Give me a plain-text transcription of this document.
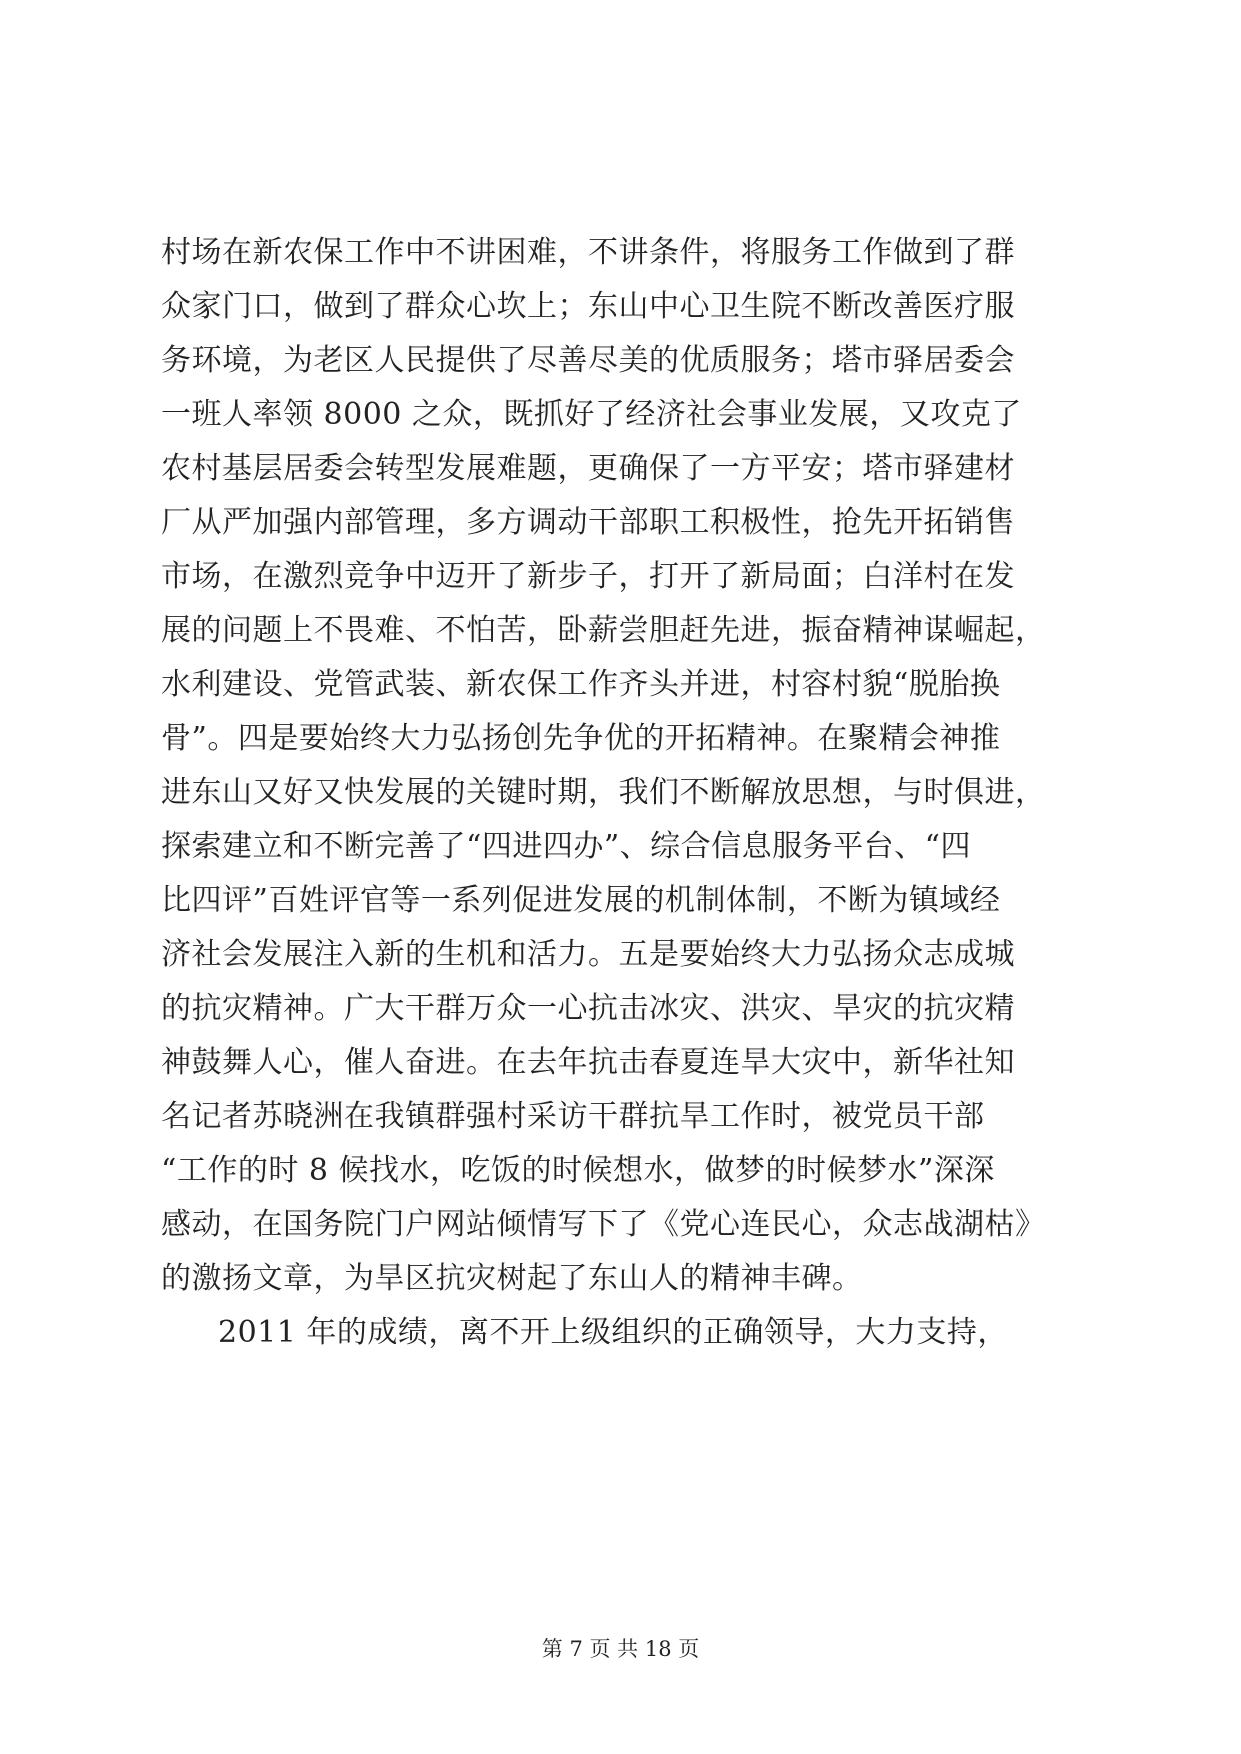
村场在新农保工作中不讲困难，不讲条件，将服务工作做到了群
众家门口，做到了群众心坎上；东山中心卫生院不断改善医疗服
务环境，为老区人民提供了尽善尽美的优质服务；塔市驿居委会
一班人率领 8000 之众，既抓好了经济社会事业发展，又攻克了
农村基层居委会转型发展难题，更确保了一方平安；塔市驿建材
厂从严加强内部管理，多方调动干部职工积极性，抢先开拓销售
市场，在激烈竞争中迈开了新步子，打开了新局面；白洋村在发
展的问题上不畏难、不怕苦，卧薪尝胆赶先进，振奋精神谋崛起，
水利建设、党管武装、新农保工作齐头并进，村容村貌“脱胎换
骨”。四是要始终大力弘扬创先争优的开拓精神。在聚精会神推
进东山又好又快发展的关键时期，我们不断解放思想，与时俱进，
探索建立和不断完善了“四进四办”、综合信息服务平台、“四
比四评”百姓评官等一系列促进发展的机制体制，不断为镇域经
济社会发展注入新的生机和活力。五是要始终大力弘扬众志成城
的抗灾精神。广大干群万众一心抗击冰灾、洪灾、旱灾的抗灾精
神鼓舞人心，催人奋进。在去年抗击春夏连旱大灾中，新华社知
名记者苏晓洲在我镇群强村采访干群抗旱工作时，被党员干部
“工作的时 8 候找水，吃饭的时候想水，做梦的时候梦水”深深
感动，在国务院门户网站倾情写下了《党心连民心，众志战湖枯》
的激扬文章，为旱区抗灾树起了东山人的精神丰碑。
2011 年的成绩，离不开上级组织的正确领导，大力支持，
第 7 页 共 18 页
